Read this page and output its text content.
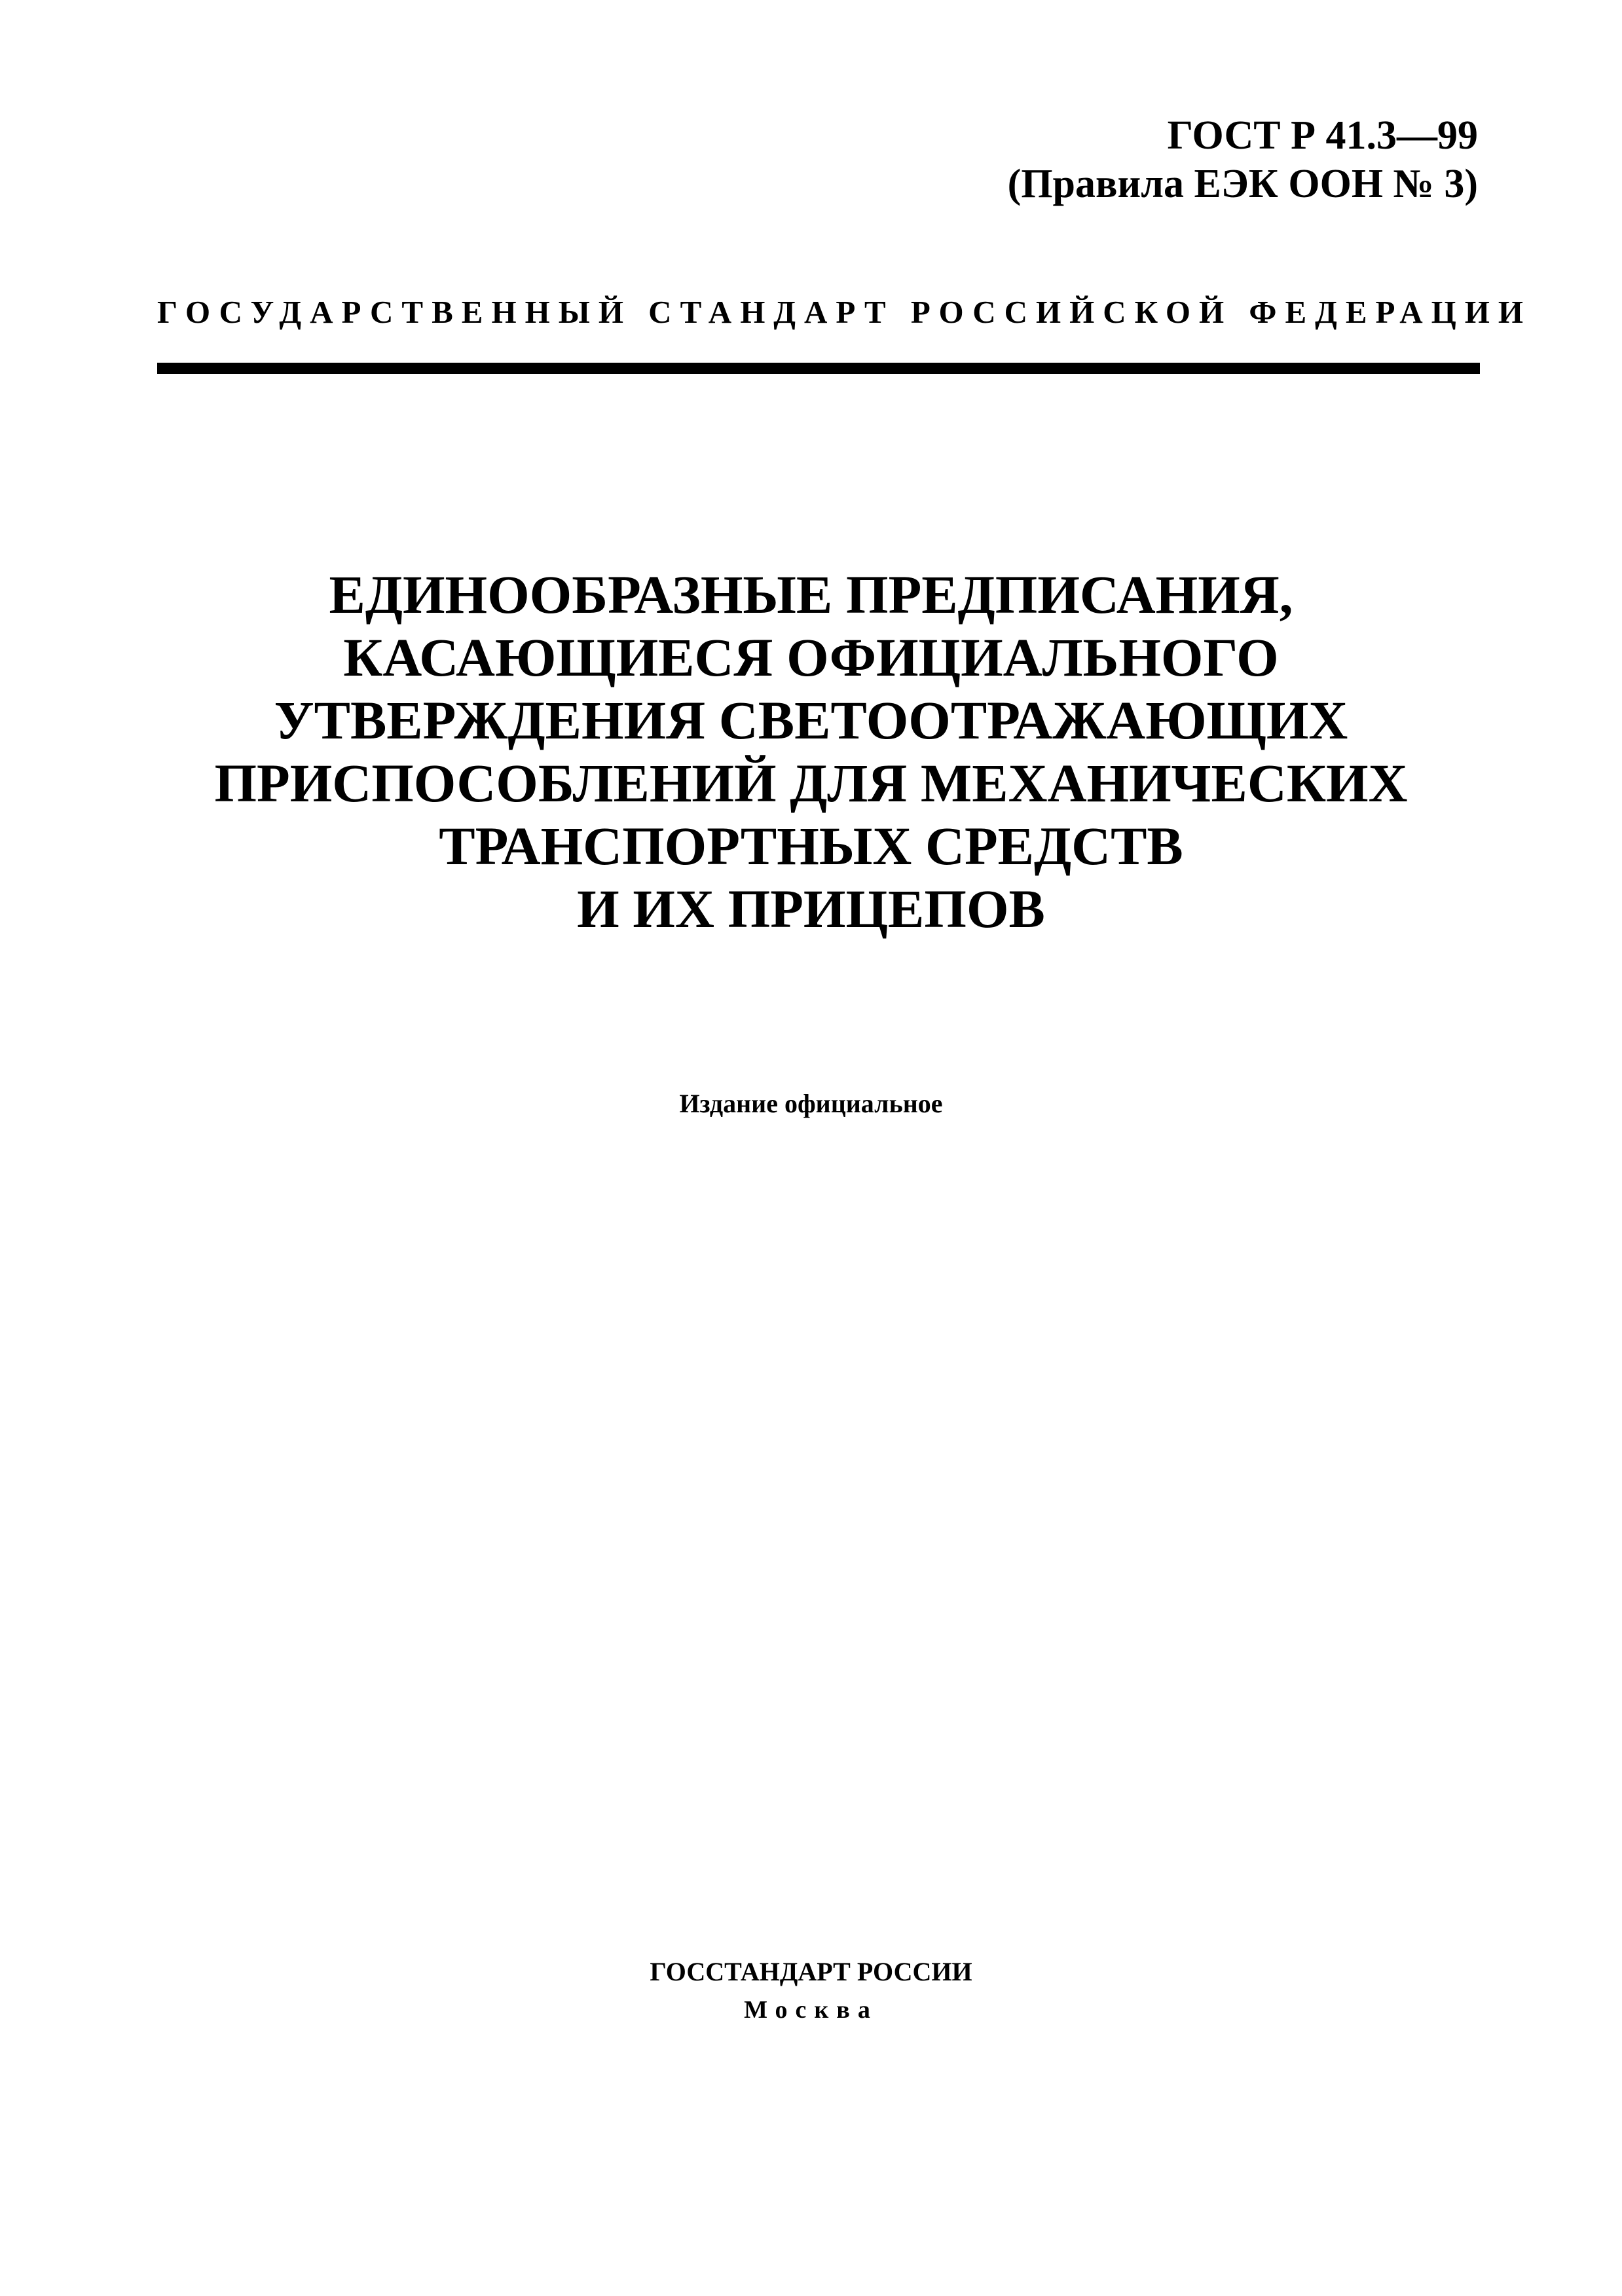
ГОСТ Р 41.3—99
(Правила ЕЭК ООН № 3)
ГОСУДАРСТВЕННЫЙ СТАНДАРТ РОССИЙСКОЙ ФЕДЕРАЦИИ
ЕДИНООБРАЗНЫЕ ПРЕДПИСАНИЯ,
КАСАЮЩИЕСЯ ОФИЦИАЛЬНОГО
УТВЕРЖДЕНИЯ СВЕТООТРАЖАЮЩИХ
ПРИСПОСОБЛЕНИЙ ДЛЯ МЕХАНИЧЕСКИХ
ТРАНСПОРТНЫХ СРЕДСТВ
И ИХ ПРИЦЕПОВ
Издание официальное
ГОССТАНДАРТ РОССИИ
Москва
